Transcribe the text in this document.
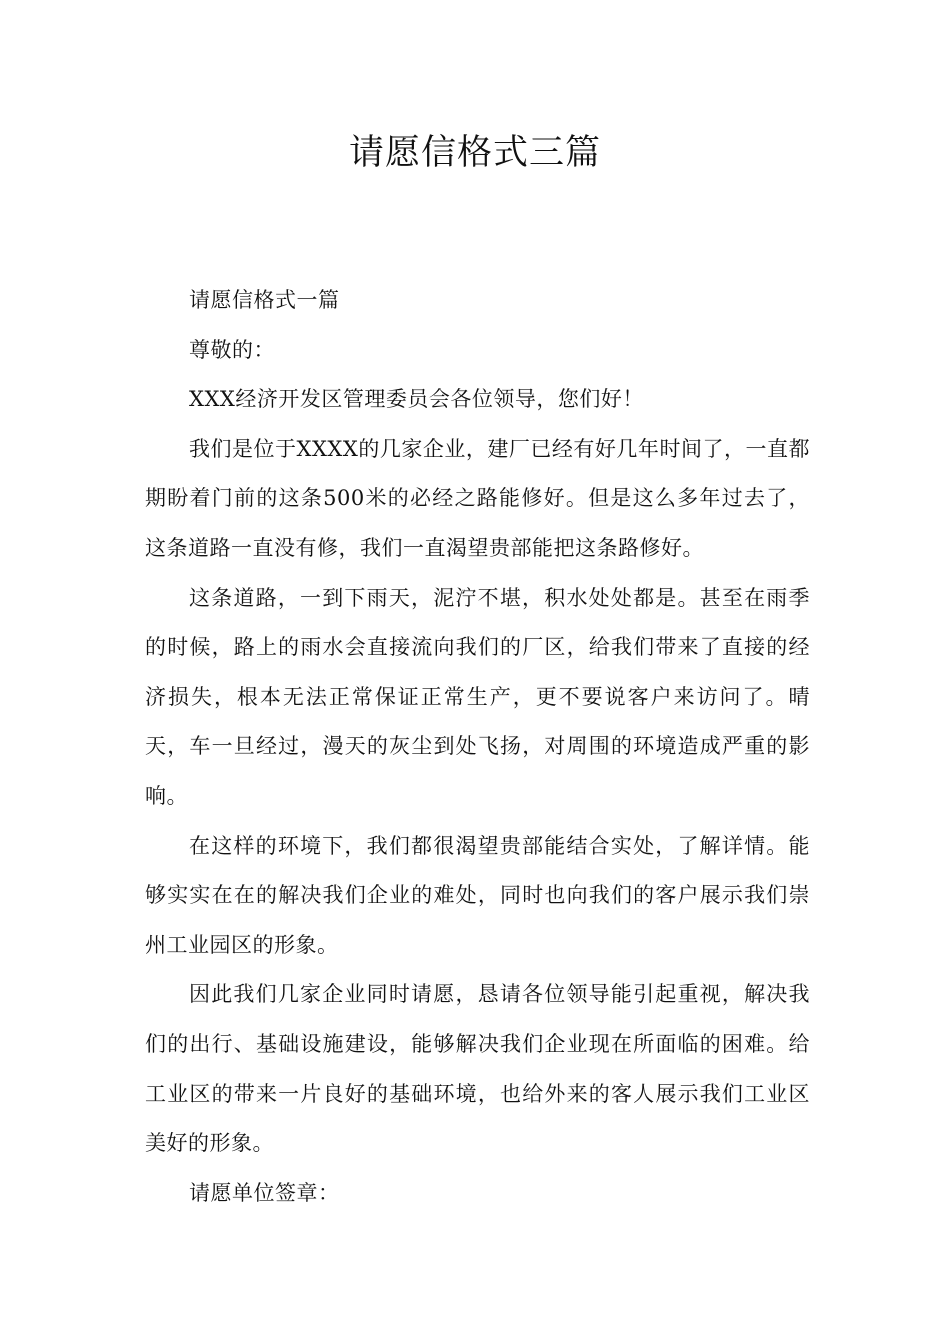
请愿信格式三篇

请愿信格式一篇

尊敬的：

XXX经济开发区管理委员会各位领导，您们好！

我们是位于XXXX的几家企业，建厂已经有好几年时间了，一直都期盼着门前的这条500米的必经之路能修好。但是这么多年过去了，这条道路一直没有修，我们一直渴望贵部能把这条路修好。

这条道路，一到下雨天，泥泞不堪，积水处处都是。甚至在雨季的时候，路上的雨水会直接流向我们的厂区，给我们带来了直接的经济损失，根本无法正常保证正常生产，更不要说客户来访问了。晴天，车一旦经过，漫天的灰尘到处飞扬，对周围的环境造成严重的影响。

在这样的环境下，我们都很渴望贵部能结合实处，了解详情。能够实实在在的解决我们企业的难处，同时也向我们的客户展示我们崇州工业园区的形象。

因此我们几家企业同时请愿，恳请各位领导能引起重视，解决我们的出行、基础设施建设，能够解决我们企业现在所面临的困难。给工业区的带来一片良好的基础环境，也给外来的客人展示我们工业区美好的形象。

请愿单位签章：
